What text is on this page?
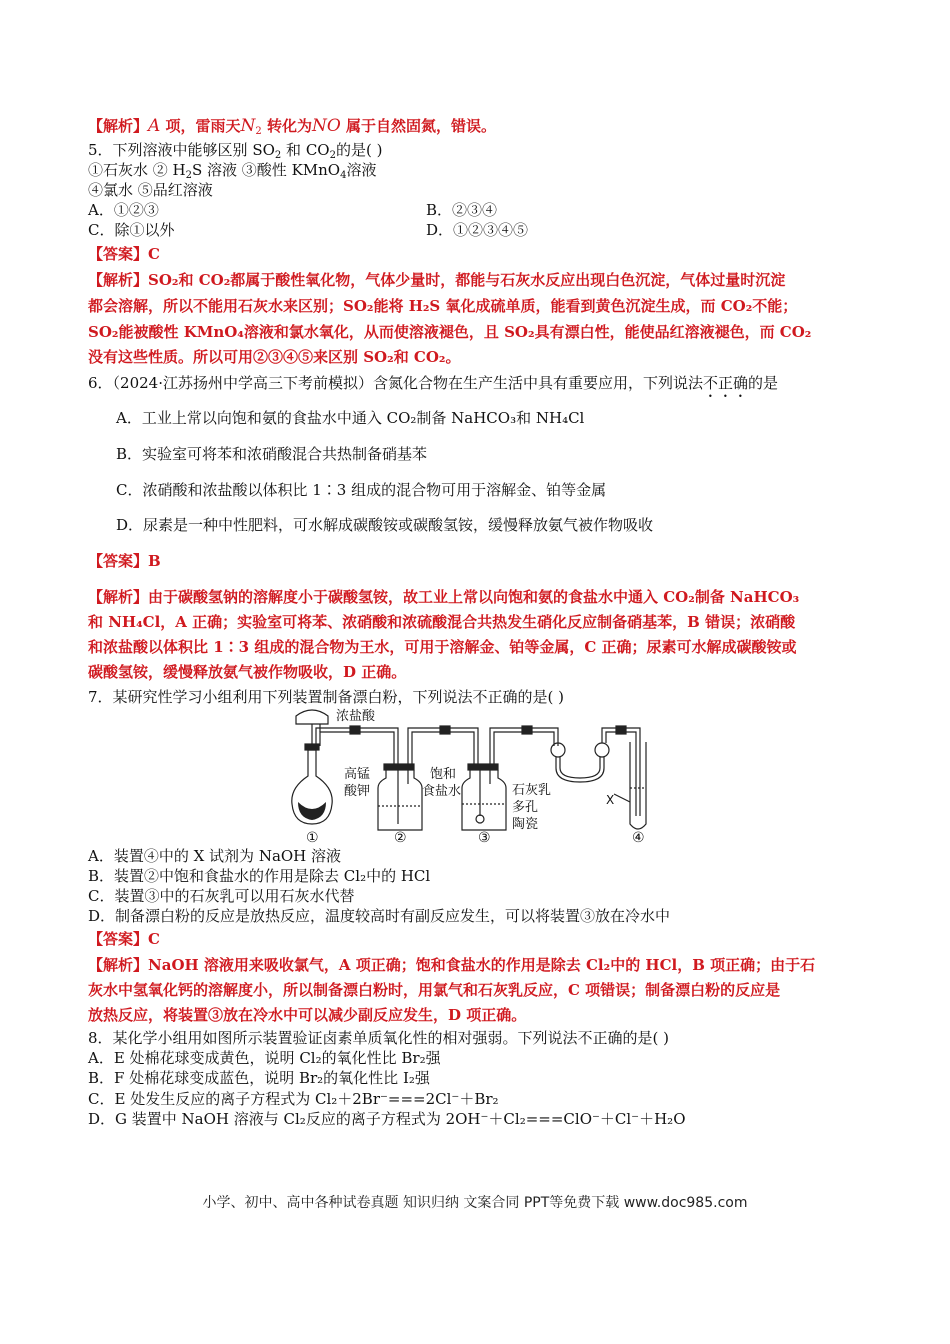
【解析】A 项，雷雨天$N_2$ 转化为NO 属于自然固氮，错误。
5．下列溶液中能够区别 $SO_2$ 和 $CO_2$的是( )
①石灰水 ② $H_2S$ 溶液 ③酸性 KMnO$_4$溶液
④氯水 ⑤品红溶液
A．①②③	B．②③④
C．除①以外	D．①②③④⑤
【答案】C
【解析】SO₂和 CO₂都属于酸性氧化物，气体少量时，都能与石灰水反应出现白色沉淀，气体过量时沉淀
都会溶解，所以不能用石灰水来区别；SO₂能将 H₂S 氧化成硫单质，能看到黄色沉淀生成，而 CO₂不能；
SO₂能被酸性 KMnO₄溶液和氯水氧化，从而使溶液褪色，且 SO₂具有漂白性，能使品红溶液褪色，而 CO₂
没有这些性质。所以可用②③④⑤来区别 SO₂和 CO₂。
6．（2024·江苏扬州中学高三下考前模拟）含氮化合物在生产生活中具有重要应用，下列说法不正确的是
A．工业上常以向饱和氨的食盐水中通入 CO₂制备 NaHCO₃和 NH₄Cl
B．实验室可将苯和浓硝酸混合共热制备硝基苯
C．浓硝酸和浓盐酸以体积比 1∶3 组成的混合物可用于溶解金、铂等金属
D．尿素是一种中性肥料，可水解成碳酸铵或碳酸氢铵，缓慢释放氨气被作物吸收
【答案】B
【解析】由于碳酸氢钠的溶解度小于碳酸氢铵，故工业上常以向饱和氨的食盐水中通入 CO₂制备 NaHCO₃
和 NH₄Cl，A 正确；实验室可将苯、浓硝酸和浓硫酸混合共热发生硝化反应制备硝基苯，B 错误；浓硝酸
和浓盐酸以体积比 1∶3 组成的混合物为王水，可用于溶解金、铂等金属，C 正确；尿素可水解成碳酸铵或
碳酸氢铵，缓慢释放氨气被作物吸收，D 正确。
7．某研究性学习小组利用下列装置制备漂白粉，下列说法不正确的是( )
浓盐酸
高锰
酸钾
饱和
食盐水	石灰乳
多孔
陶瓷
X
①	②	③	④
A．装置④中的 X 试剂为 NaOH 溶液
B．装置②中饱和食盐水的作用是除去 Cl₂中的 HCl
C．装置③中的石灰乳可以用石灰水代替
D．制备漂白粉的反应是放热反应，温度较高时有副反应发生，可以将装置③放在冷水中
【答案】C
【解析】NaOH 溶液用来吸收氯气，A 项正确；饱和食盐水的作用是除去 Cl₂中的 HCl，B 项正确；由于石
灰水中氢氧化钙的溶解度小，所以制备漂白粉时，用氯气和石灰乳反应，C 项错误；制备漂白粉的反应是
放热反应，将装置③放在冷水中可以减少副反应发生，D 项正确。
8．某化学小组用如图所示装置验证卤素单质氧化性的相对强弱。下列说法不正确的是( )
A．E 处棉花球变成黄色，说明 Cl₂的氧化性比 Br₂强
B．F 处棉花球变成蓝色，说明 Br₂的氧化性比 I₂强
C．E 处发生反应的离子方程式为 Cl₂＋2Br⁻===2Cl⁻＋Br₂
D．G 装置中 NaOH 溶液与 Cl₂反应的离子方程式为 2OH⁻＋Cl₂===ClO⁻＋Cl⁻＋H₂O
小学、初中、高中各种试卷真题 知识归纳 文案合同 PPT等免费下载 www.doc985.com
